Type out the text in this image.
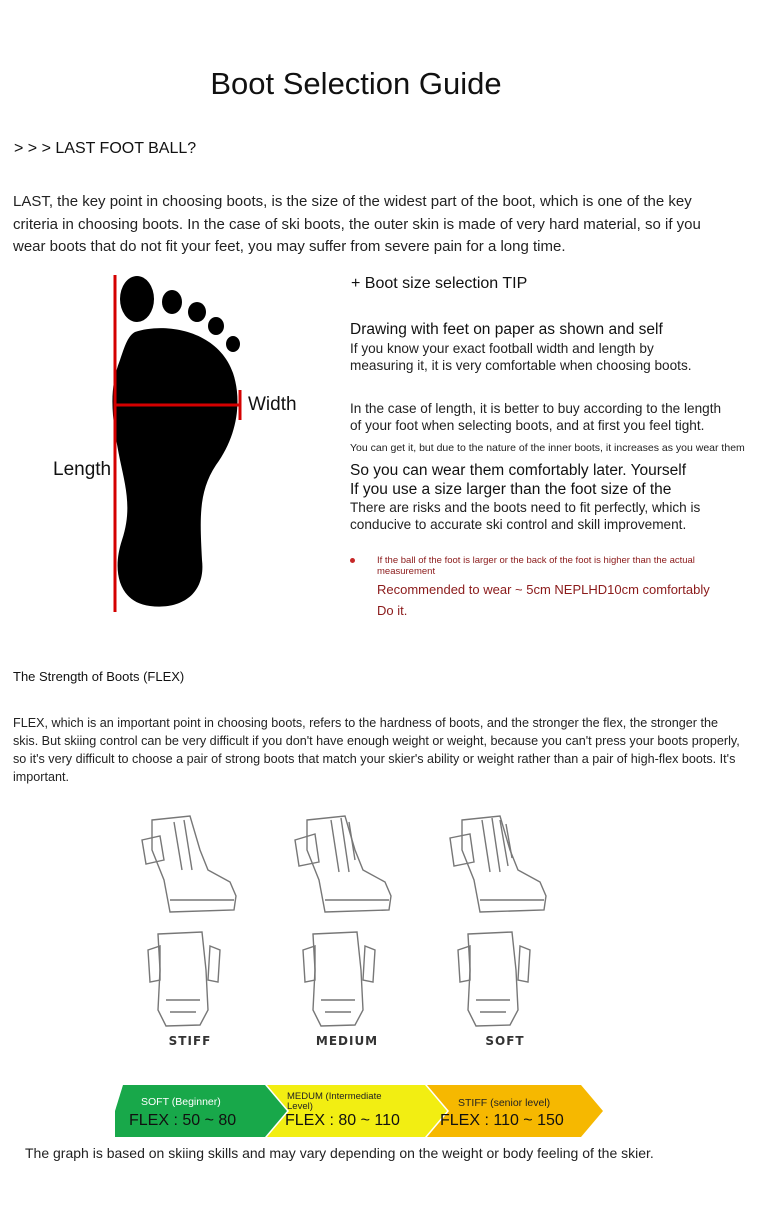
Boot Selection Guide
> > > LAST FOOT BALL?
LAST, the key point in choosing boots, is the size of the widest part of the boot, which is one of the key criteria in choosing boots. In the case of ski boots, the outer skin is made of very hard material, so if you wear boots that do not fit your feet, you may suffer from severe pain for a long time.
Width
Length
+ Boot size selection TIP
Drawing with feet on paper as shown and self
If you know your exact football width and length by
measuring it, it is very comfortable when choosing boots.
In the case of length, it is better to buy according to the length
of your foot when selecting boots, and at first you feel tight.
You can get it, but due to the nature of the inner boots, it increases as you wear them
So you can wear them comfortably later. Yourself
If you use a size larger than the foot size of the
There are risks and the boots need to fit perfectly, which is
conducive to accurate ski control and skill improvement.
If the ball of the foot is larger or the back of the foot is higher than the actual measurement
Recommended to wear ~ 5cm NEPLHD10cm comfortably
Do it.
The Strength of Boots (FLEX)
FLEX, which is an important point in choosing boots, refers to the hardness of boots, and the stronger the flex, the stronger the skis. But skiing control can be very difficult if you don't have enough weight or weight, because you can't press your boots properly, so it's very difficult to choose a pair of strong boots that match your skier's ability or weight rather than a pair of high-flex boots. It's important.
STIFF	MEDIUM	SOFT
SOFT (Beginner)
FLEX : 50 ~ 80
MEDUM (Intermediate Level)
FLEX : 80 ~ 110
STIFF (senior level)
FLEX : 110 ~ 150
The graph is based on skiing skills and may vary depending on the weight or body feeling of the skier.
